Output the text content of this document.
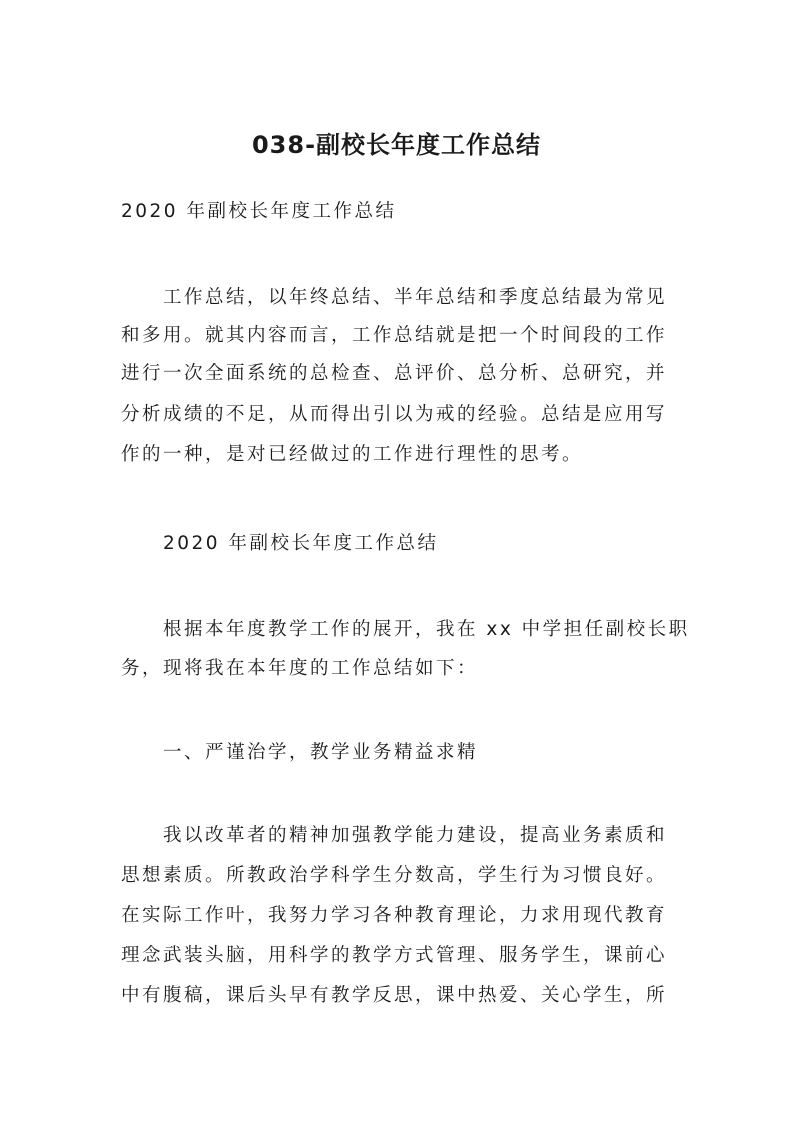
038-副校长年度工作总结
2020 年副校长年度工作总结
工作总结，以年终总结、半年总结和季度总结最为常见
和多用。就其内容而言，工作总结就是把一个时间段的工作
进行一次全面系统的总检查、总评价、总分析、总研究，并
分析成绩的不足，从而得出引以为戒的经验。总结是应用写
作的一种，是对已经做过的工作进行理性的思考。
2020 年副校长年度工作总结
根据本年度教学工作的展开，我在 xx 中学担任副校长职
务，现将我在本年度的工作总结如下：
一、严谨治学，教学业务精益求精
我以改革者的精神加强教学能力建设，提高业务素质和
思想素质。所教政治学科学生分数高，学生行为习惯良好。
在实际工作叶，我努力学习各种教育理论，力求用现代教育
理念武装头脑，用科学的教学方式管理、服务学生，课前心
中有腹稿，课后头早有教学反思，课中热爱、关心学生，所
